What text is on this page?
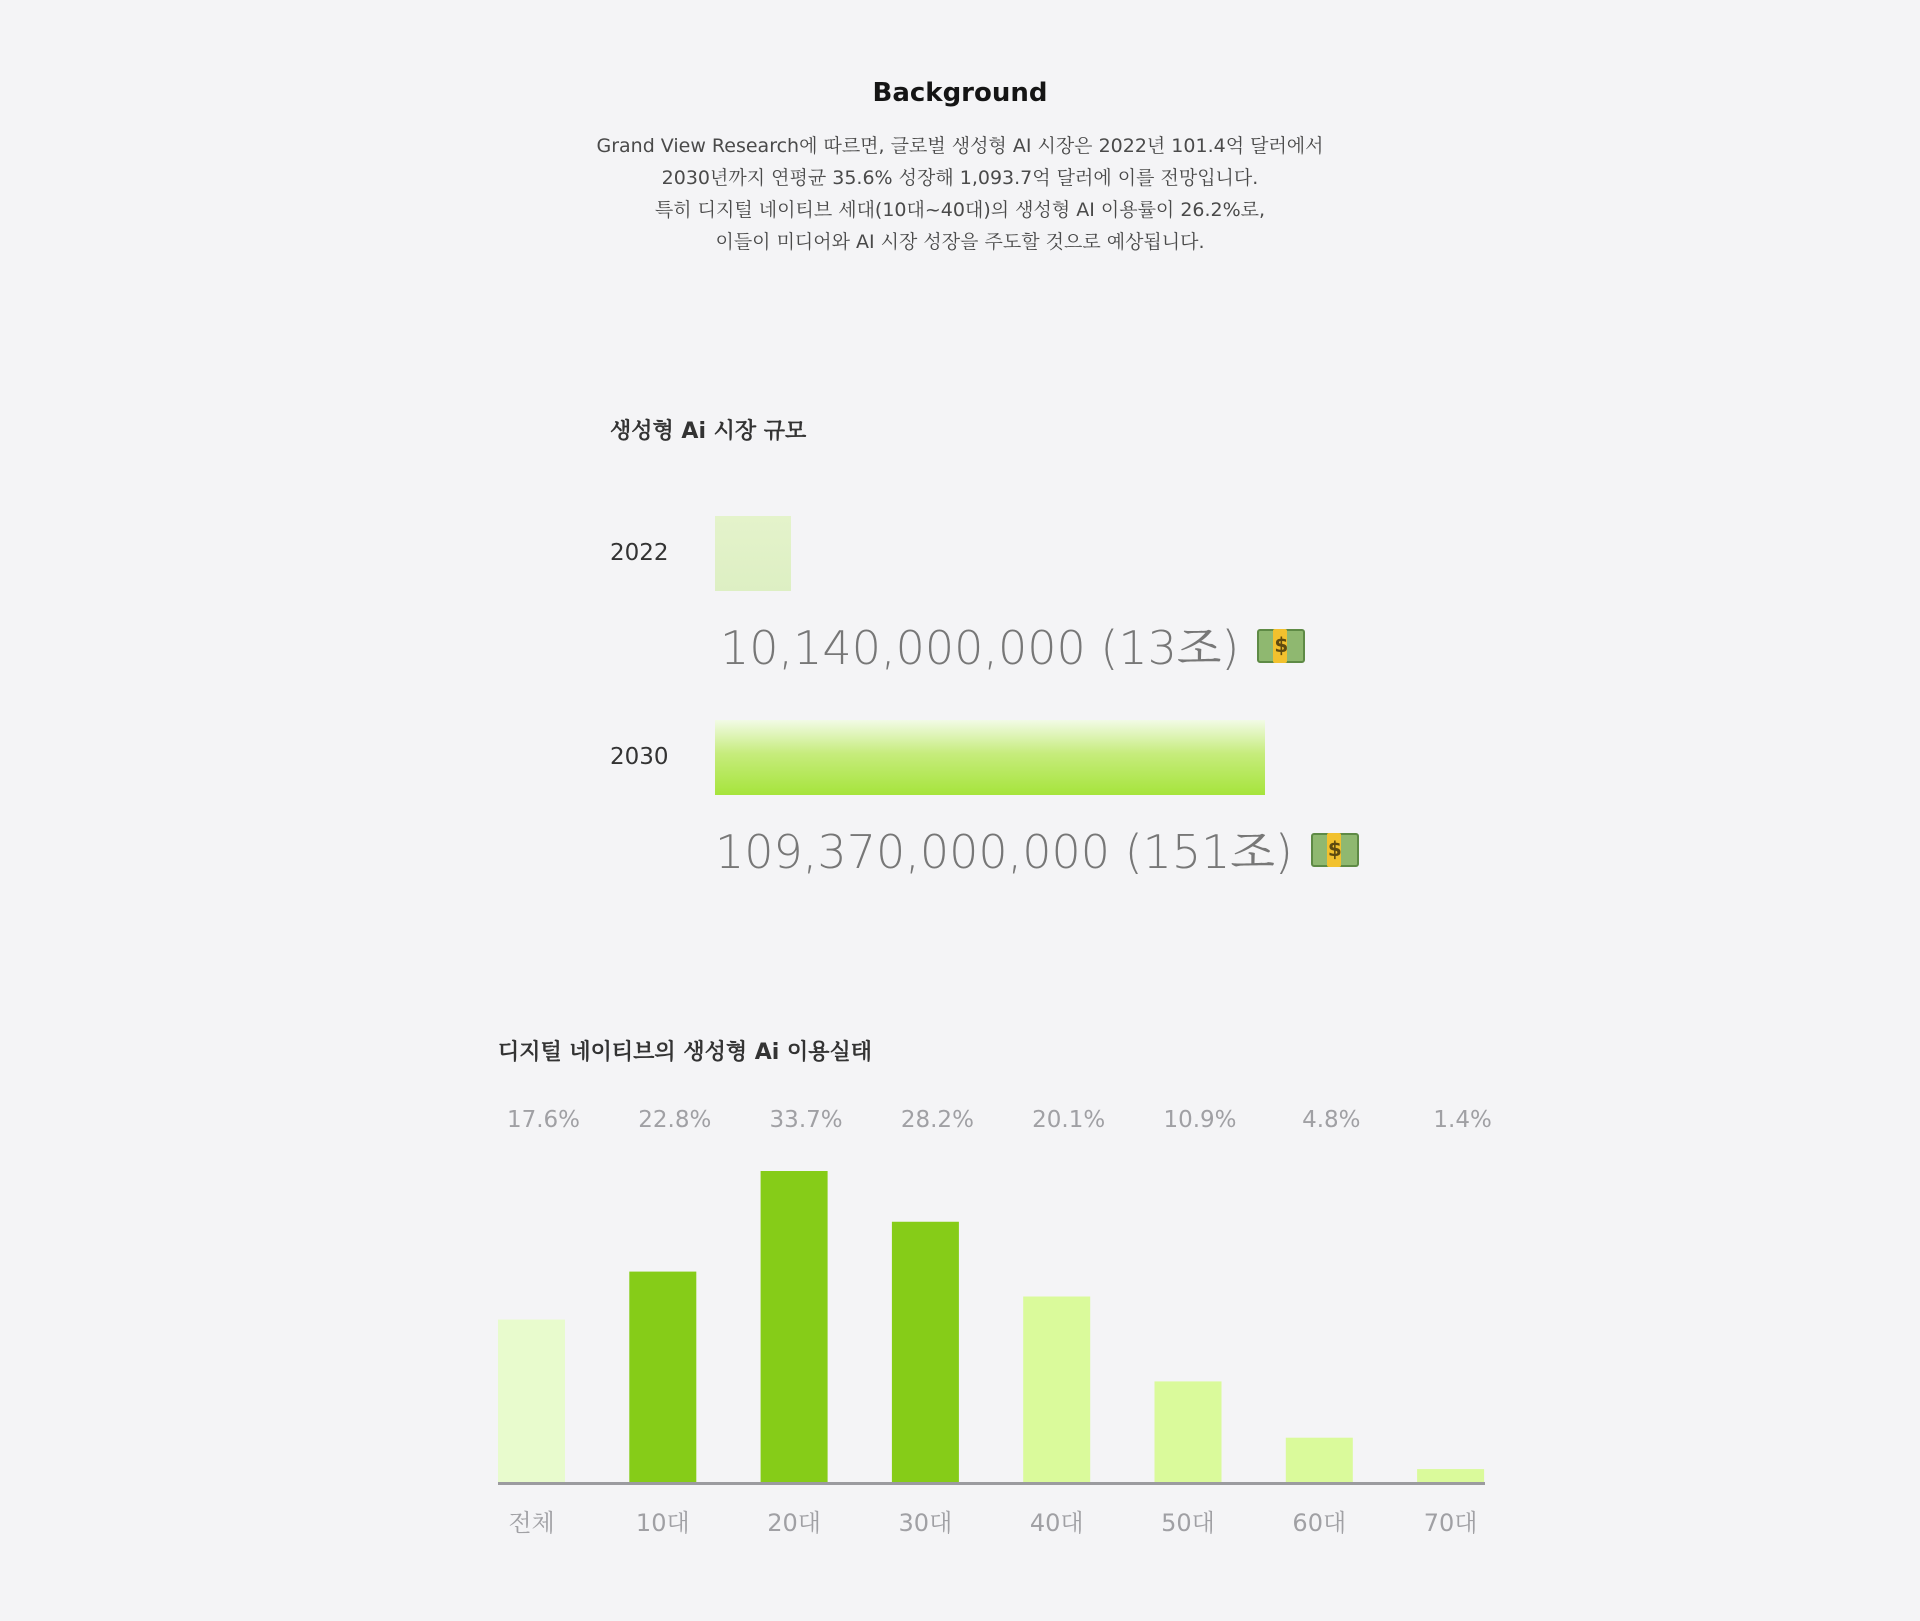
Background
Grand View Research에 따르면, 글로벌 생성형 AI 시장은 2022년 101.4억 달러에서
2030년까지 연평균 35.6% 성장해 1,093.7억 달러에 이를 전망입니다.
특히 디지털 네이티브 세대(10대~40대)의 생성형 AI 이용률이 26.2%로,
이들이 미디어와 AI 시장 성장을 주도할 것으로 예상됩니다.
생성형 Ai 시장 규모
2022
10,140,000,000 (13조)$
2030
109,370,000,000 (151조)$
디지털 네이티브의 생성형 Ai 이용실태
17.6%
전체
22.8%
10대
33.7%
20대
28.2%
30대
20.1%
40대
10.9%
50대
4.8%
60대
1.4%
70대
